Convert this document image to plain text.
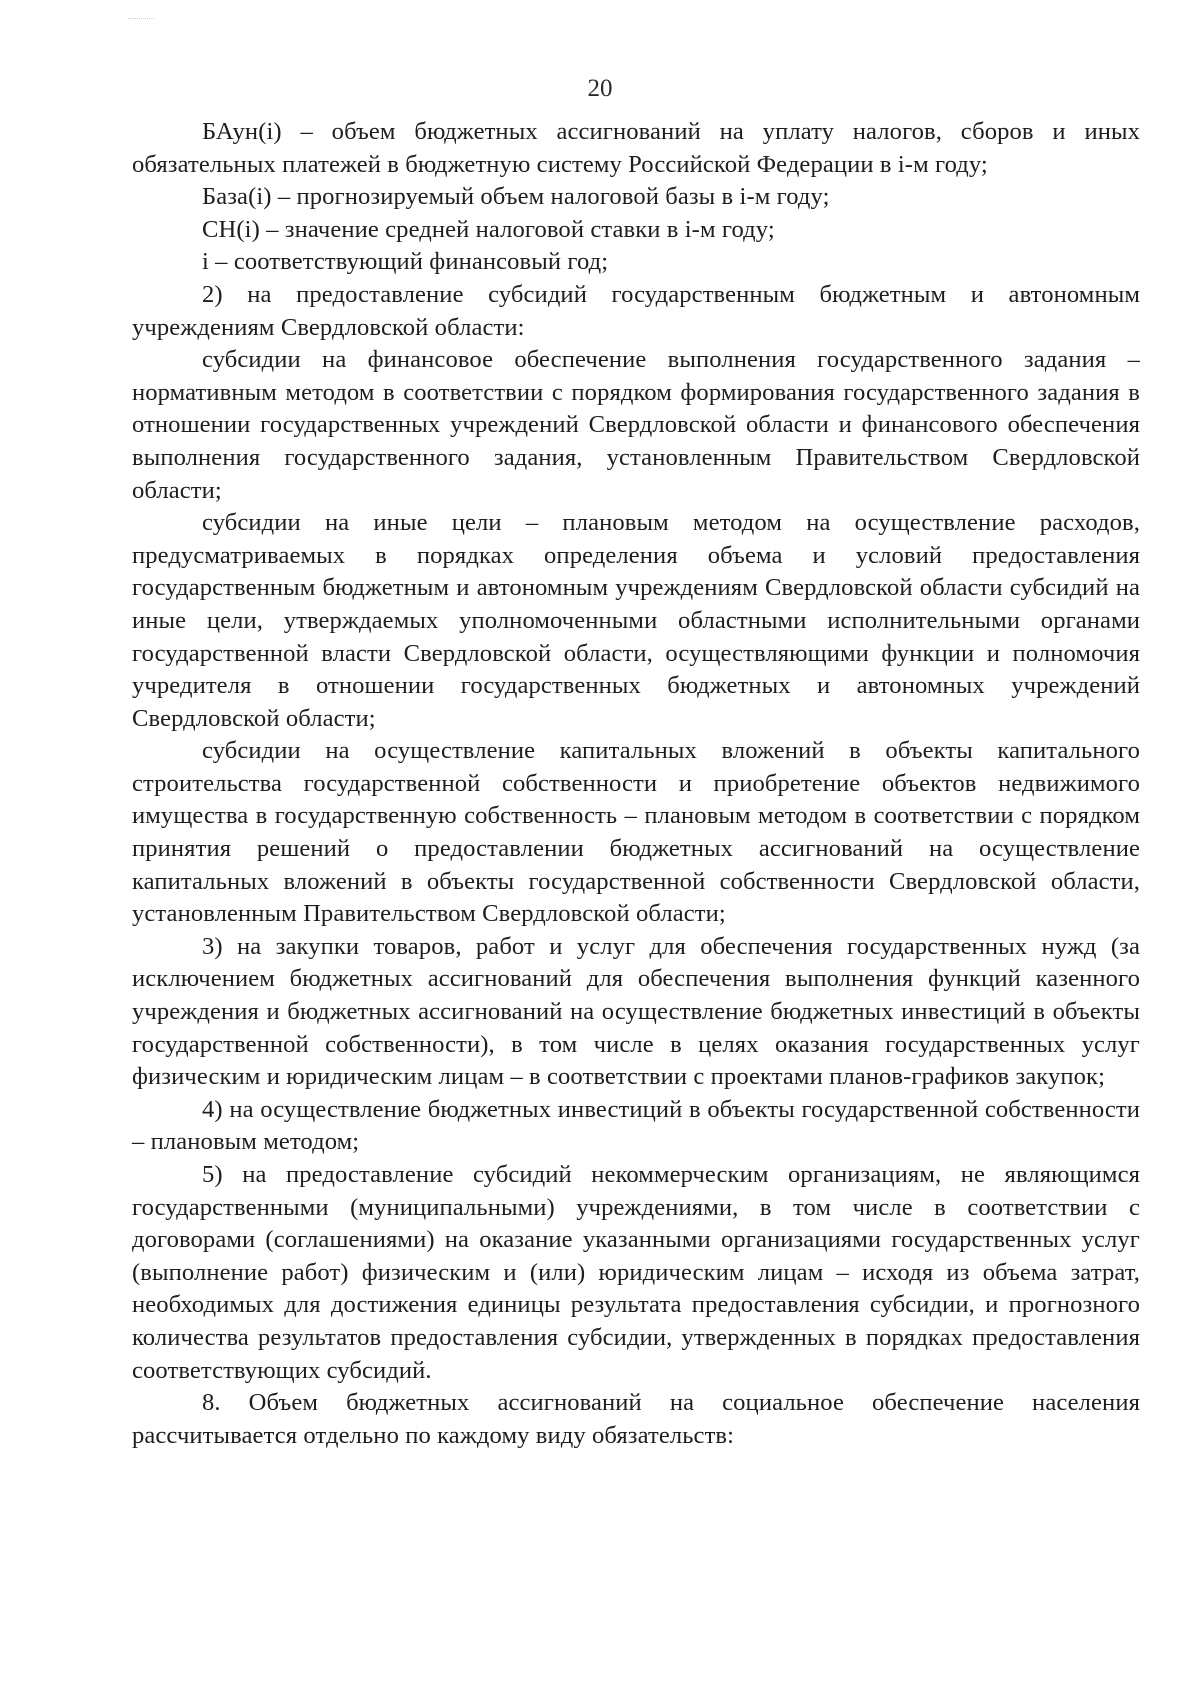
20

БАун(i) – объем бюджетных ассигнований на уплату налогов, сборов и иных обязательных платежей в бюджетную систему Российской Федерации в i-м году;

База(i) – прогнозируемый объем налоговой базы в i-м году;

СН(i) – значение средней налоговой ставки в i-м году;

i – соответствующий финансовый год;

2) на предоставление субсидий государственным бюджетным и автономным учреждениям Свердловской области:

субсидии на финансовое обеспечение выполнения государственного задания – нормативным методом в соответствии с порядком формирования государственного задания в отношении государственных учреждений Свердловской области и финансового обеспечения выполнения государственного задания, установленным Правительством Свердловской области;

субсидии на иные цели – плановым методом на осуществление расходов, предусматриваемых в порядках определения объема и условий предоставления государственным бюджетным и автономным учреждениям Свердловской области субсидий на иные цели, утверждаемых уполномоченными областными исполнительными органами государственной власти Свердловской области, осуществляющими функции и полномочия учредителя в отношении государственных бюджетных и автономных учреждений Свердловской области;

субсидии на осуществление капитальных вложений в объекты капитального строительства государственной собственности и приобретение объектов недвижимого имущества в государственную собственность – плановым методом в соответствии с порядком принятия решений о предоставлении бюджетных ассигнований на осуществление капитальных вложений в объекты государственной собственности Свердловской области, установленным Правительством Свердловской области;

3) на закупки товаров, работ и услуг для обеспечения государственных нужд (за исключением бюджетных ассигнований для обеспечения выполнения функций казенного учреждения и бюджетных ассигнований на осуществление бюджетных инвестиций в объекты государственной собственности), в том числе в целях оказания государственных услуг физическим и юридическим лицам – в соответствии с проектами планов-графиков закупок;

4) на осуществление бюджетных инвестиций в объекты государственной собственности – плановым методом;

5) на предоставление субсидий некоммерческим организациям, не являющимся государственными (муниципальными) учреждениями, в том числе в соответствии с договорами (соглашениями) на оказание указанными организациями государственных услуг (выполнение работ) физическим и (или) юридическим лицам – исходя из объема затрат, необходимых для достижения единицы результата предоставления субсидии, и прогнозного количества результатов предоставления субсидии, утвержденных в порядках предоставления соответствующих субсидий.

8. Объем бюджетных ассигнований на социальное обеспечение населения рассчитывается отдельно по каждому виду обязательств:
